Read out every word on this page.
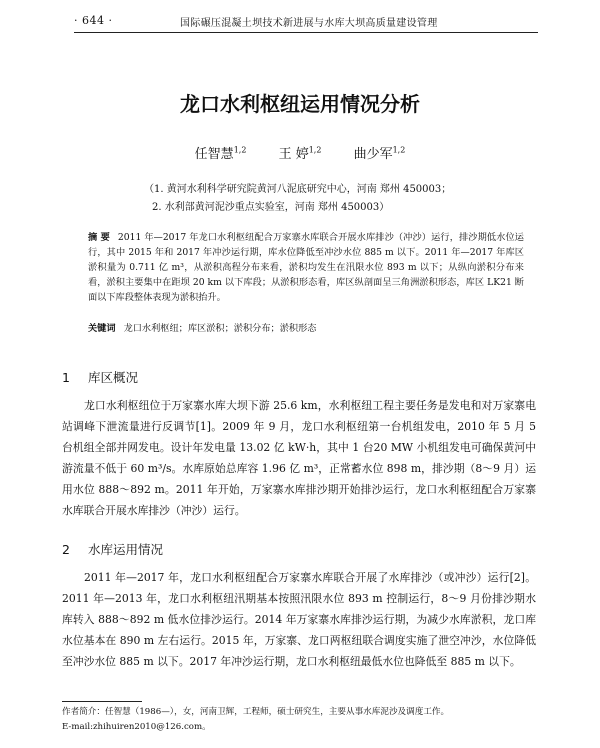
· 644 ·	国际碾压混凝土坝技术新进展与水库大坝高质量建设管理
龙口水利枢纽运用情况分析
任智慧$^{1,2}$ 王 婷$^{1,2}$ 曲少军$^{1,2}$
（1. 黄河水利科学研究院黄河八泥底研究中心，河南 郑州 450003；
2. 水利部黄河泥沙重点实验室，河南 郑州 450003）
摘 要 2011 年—2017 年龙口水利枢纽配合万家寨水库联合开展水库排沙（冲沙）运行，排沙期低水位运行，其中 2015 年和 2017 年冲沙运行期，库水位降低至冲沙水位 885 m 以下。2011 年—2017 年库区淤积量为 0.711 亿 m³，从淤积高程分布来看，淤积均发生在汛限水位 893 m 以下；从纵向淤积分布来看，淤积主要集中在距坝 20 km 以下库段；从淤积形态看，库区纵剖面呈三角洲淤积形态，库区 LK21 断面以下库段整体表现为淤积抬升。
关键词 龙口水利枢纽；库区淤积；淤积分布；淤积形态
1 库区概况
龙口水利枢纽位于万家寨水库大坝下游 25.6 km，水利枢纽工程主要任务是发电和对万家寨电站调峰下泄流量进行反调节[1]。2009 年 9 月，龙口水利枢纽第一台机组发电，2010 年 5 月 5 台机组全部并网发电。设计年发电量 13.02 亿 kW·h，其中 1 台20 MW 小机组发电可确保黄河中游流量不低于 60 m³/s。水库原始总库容 1.96 亿 m³，正常蓄水位 898 m，排沙期（8～9 月）运用水位 888～892 m。2011 年开始，万家寨水库排沙期开始排沙运行，龙口水利枢纽配合万家寨水库联合开展水库排沙（冲沙）运行。
2 水库运用情况
2011 年—2017 年，龙口水利枢纽配合万家寨水库联合开展了水库排沙（或冲沙）运行[2]。2011 年—2013 年，龙口水利枢纽汛期基本按照汛限水位 893 m 控制运行，8～9 月份排沙期水库转入 888～892 m 低水位排沙运行。2014 年万家寨水库排沙运行期，为减少水库淤积，龙口库水位基本在 890 m 左右运行。2015 年，万家寨、龙口两枢纽联合调度实施了泄空冲沙，水位降低至冲沙水位 885 m 以下。2017 年冲沙运行期，龙口水利枢纽最低水位也降低至 885 m 以下。
作者简介：任智慧（1986—），女，河南卫辉，工程师，硕士研究生，主要从事水库泥沙及调度工作。
E-mail:zhihuiren2010@126.com。
